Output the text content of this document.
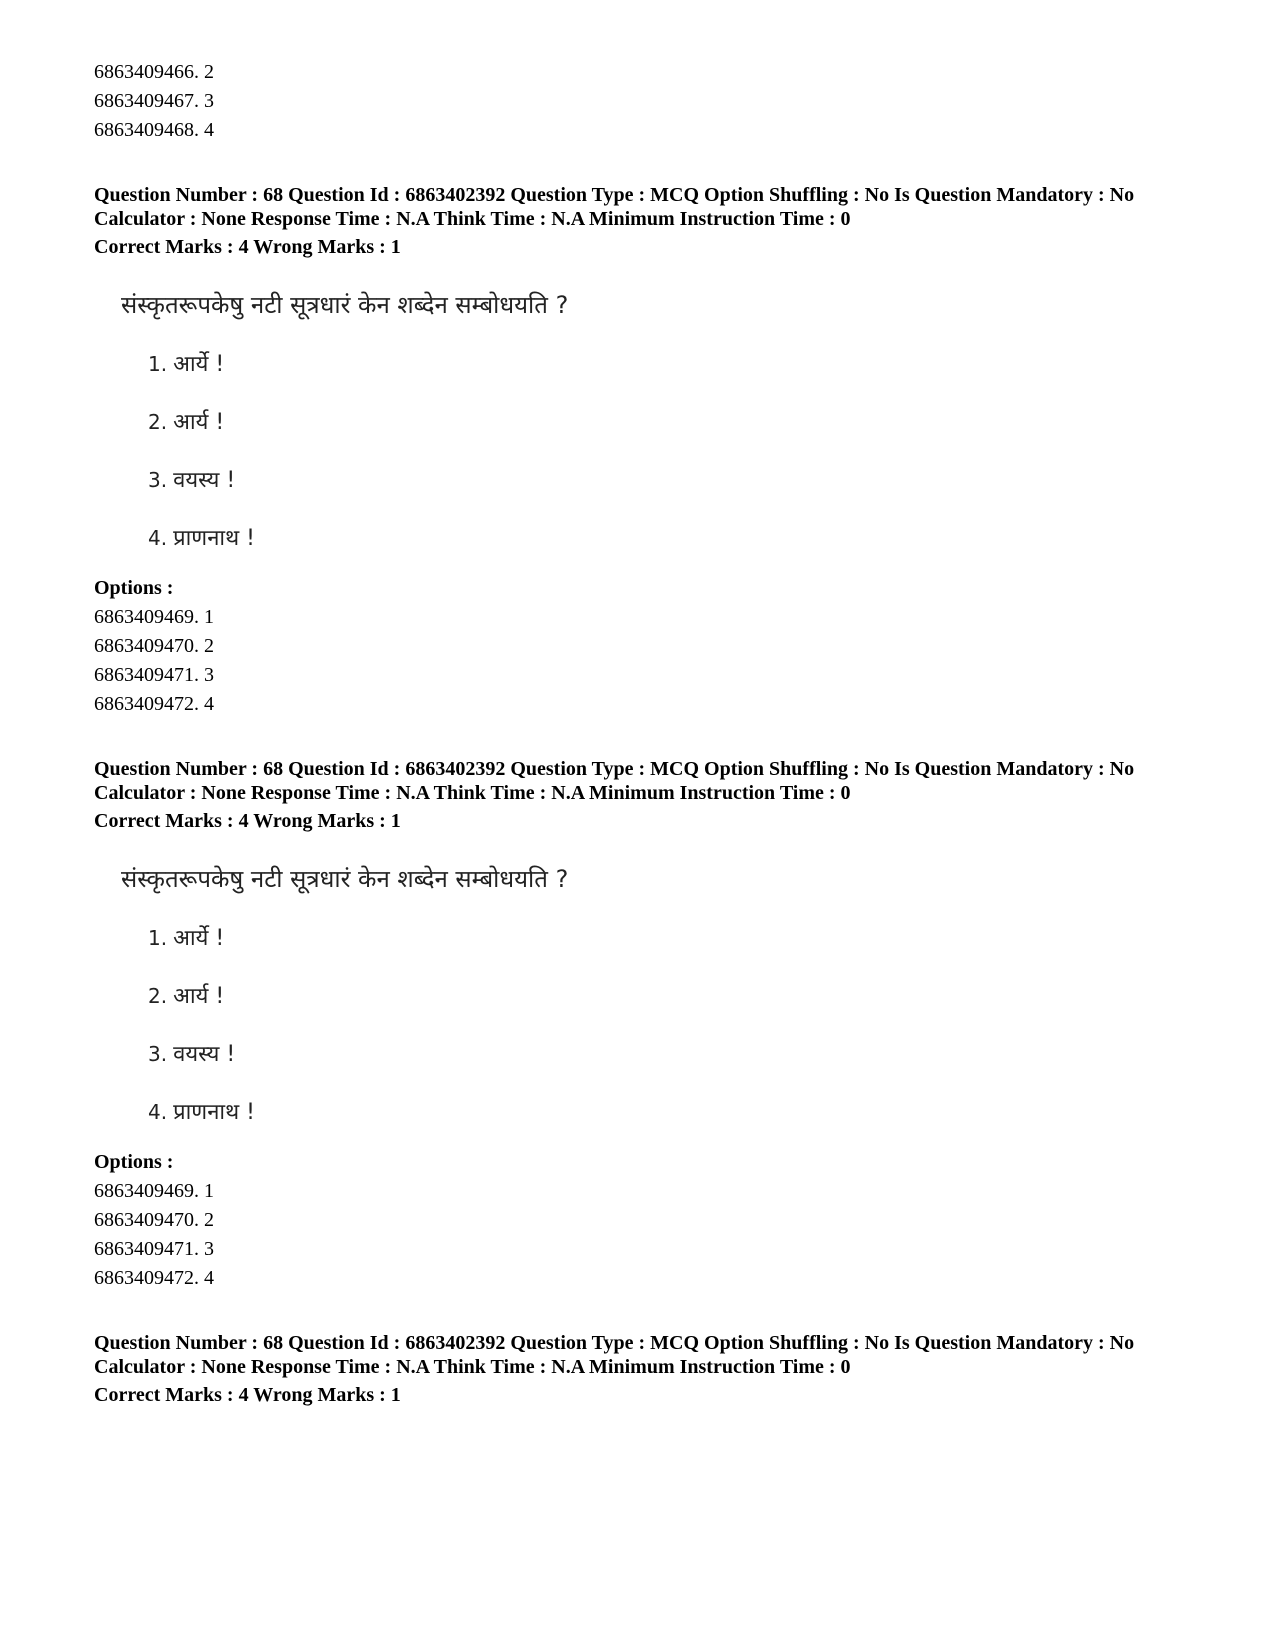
6863409466. 2
6863409467. 3
6863409468. 4
Question Number : 68 Question Id : 6863402392 Question Type : MCQ Option Shuffling : No Is Question Mandatory : No Calculator : None Response Time : N.A Think Time : N.A Minimum Instruction Time : 0
Correct Marks : 4 Wrong Marks : 1
संस्कृतरूपकेषु नटी सूत्रधारं केन शब्देन सम्बोधयति ?
1. आर्ये !
2. आर्य !
3. वयस्य !
4. प्राणनाथ !
Options :
6863409469. 1
6863409470. 2
6863409471. 3
6863409472. 4
Question Number : 68 Question Id : 6863402392 Question Type : MCQ Option Shuffling : No Is Question Mandatory : No Calculator : None Response Time : N.A Think Time : N.A Minimum Instruction Time : 0
Correct Marks : 4 Wrong Marks : 1
संस्कृतरूपकेषु नटी सूत्रधारं केन शब्देन सम्बोधयति ?
1. आर्ये !
2. आर्य !
3. वयस्य !
4. प्राणनाथ !
Options :
6863409469. 1
6863409470. 2
6863409471. 3
6863409472. 4
Question Number : 68 Question Id : 6863402392 Question Type : MCQ Option Shuffling : No Is Question Mandatory : No Calculator : None Response Time : N.A Think Time : N.A Minimum Instruction Time : 0
Correct Marks : 4 Wrong Marks : 1
